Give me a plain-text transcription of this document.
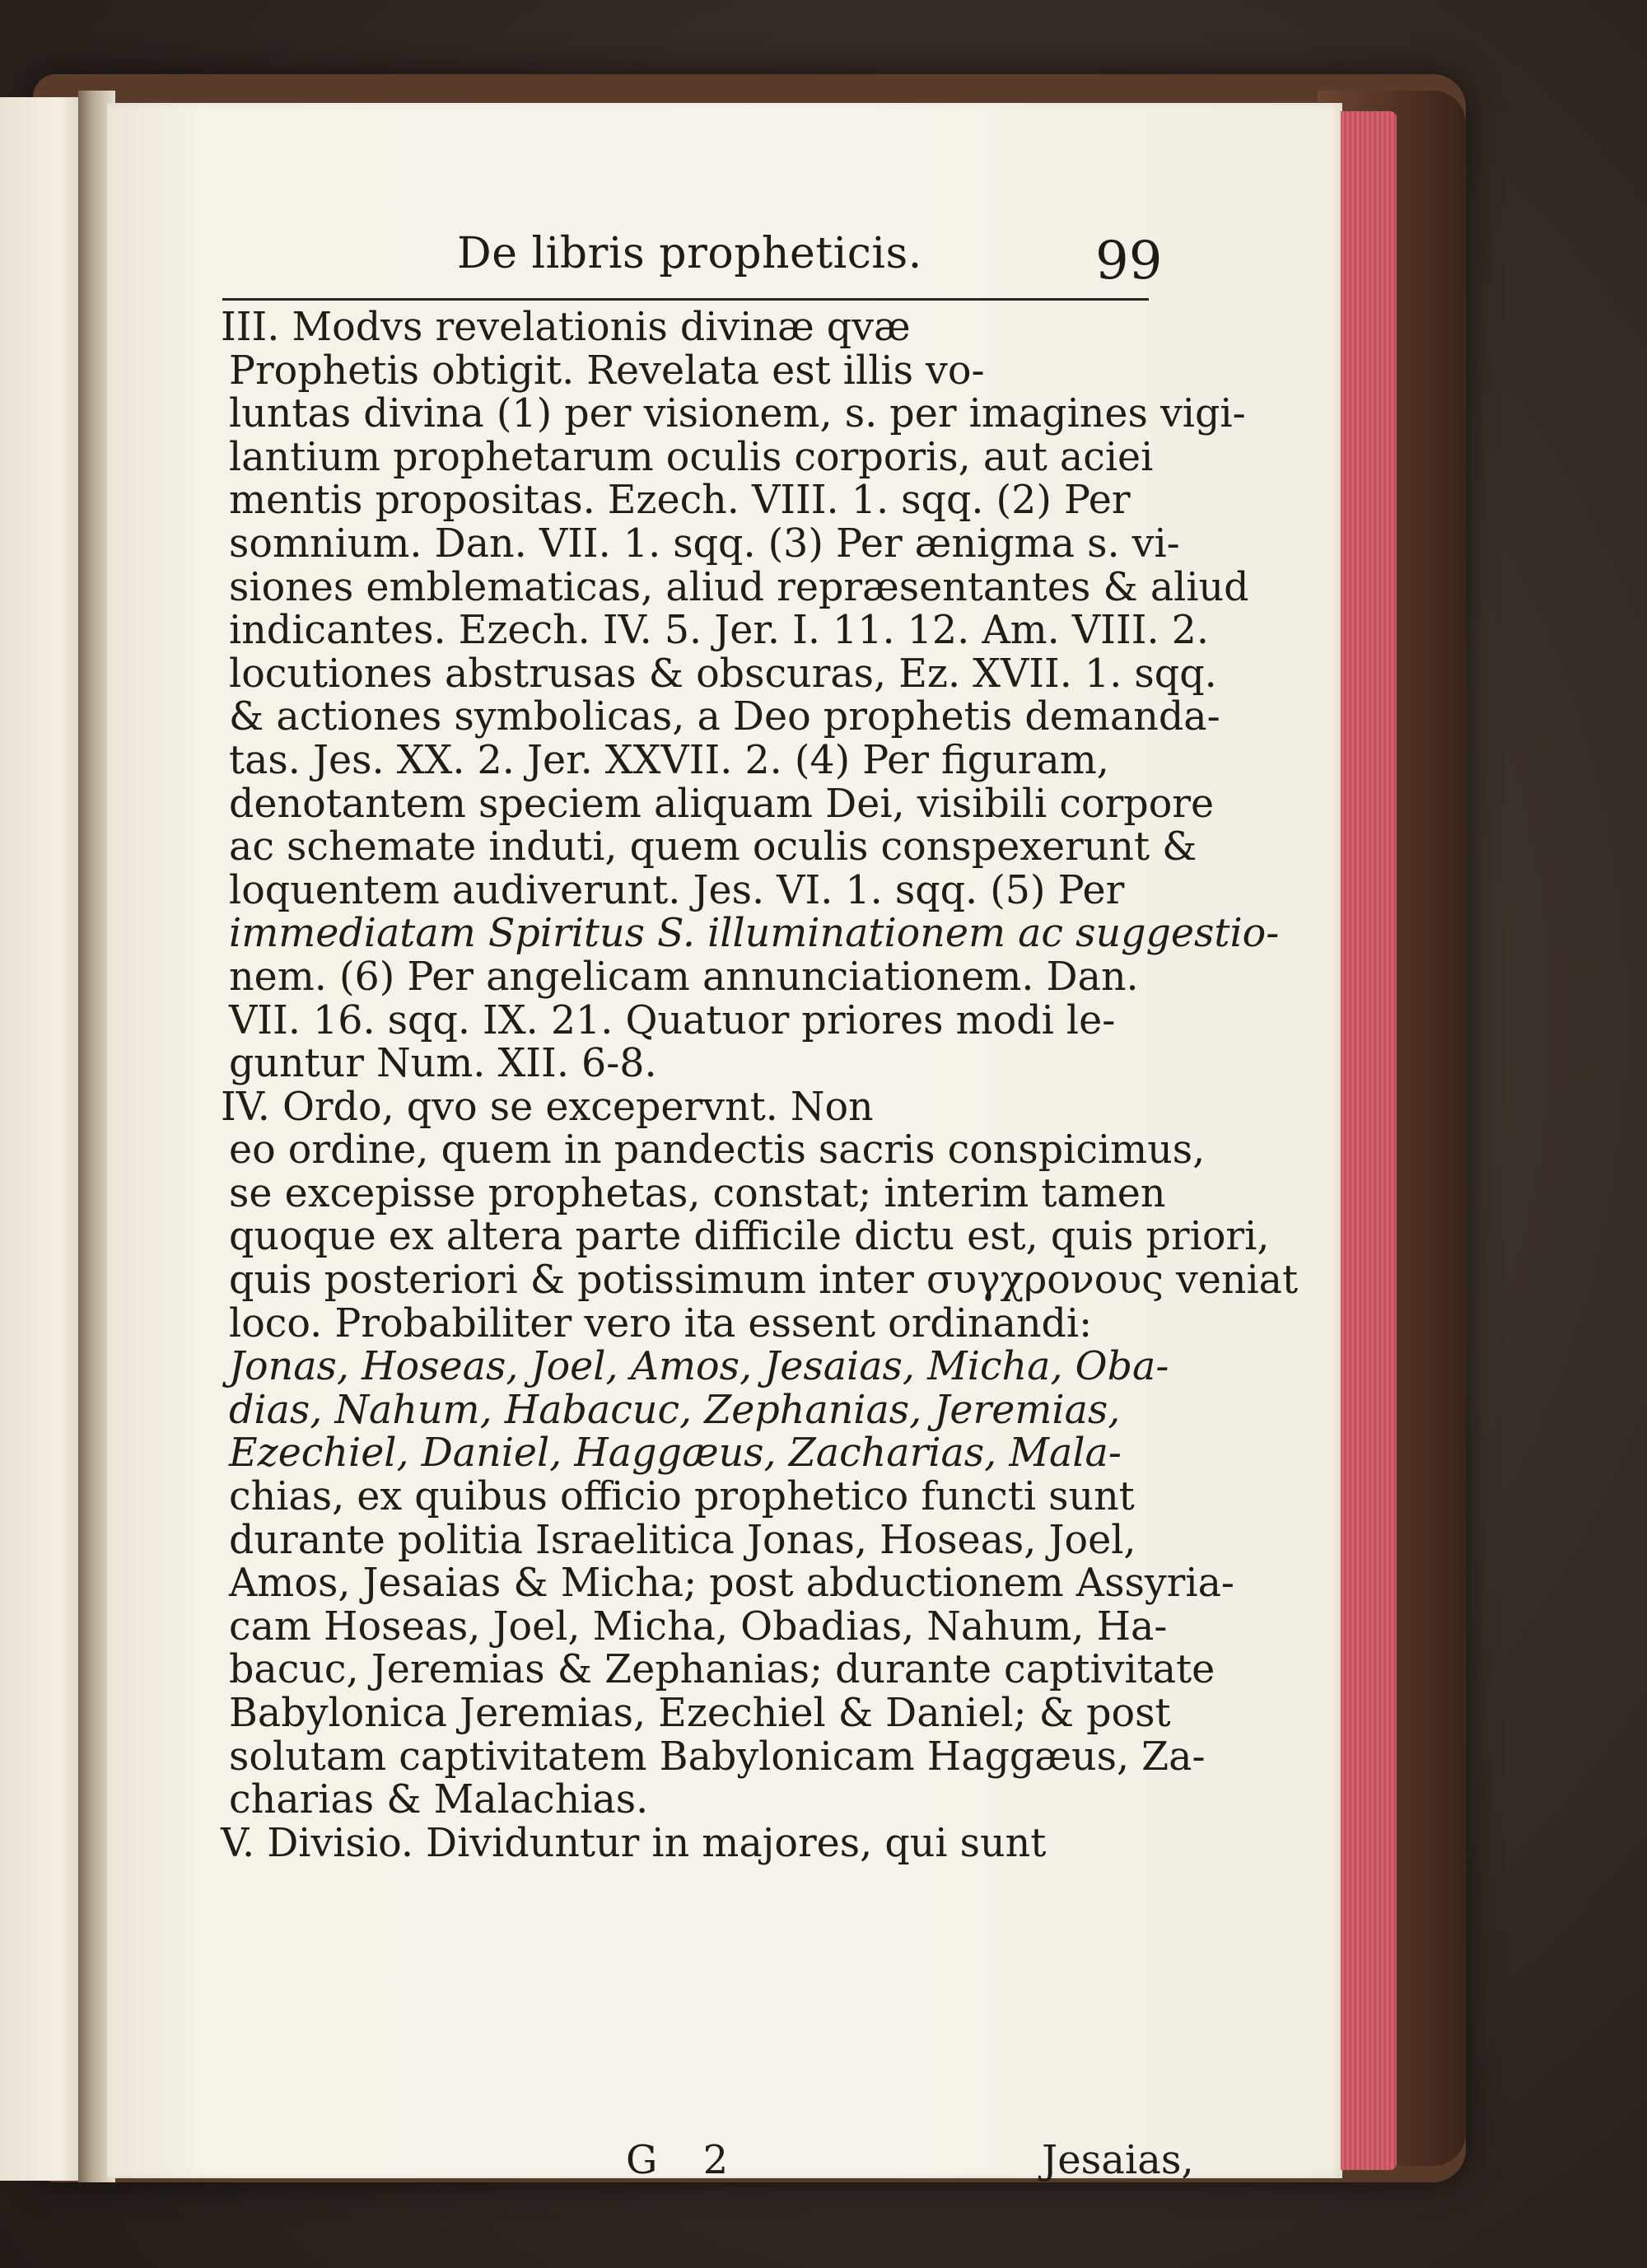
De libris propheticis.	99
III. Modvs revelationis divinæ qvæ
Prophetis obtigit. Revelata est illis vo-
luntas divina (1) per visionem, s. per imagines vigi-
lantium prophetarum oculis corporis, aut aciei
mentis propositas. Ezech. VIII. 1. sqq. (2) Per
somnium. Dan. VII. 1. sqq. (3) Per ænigma s. vi-
siones emblematicas, aliud repræsentantes & aliud
indicantes. Ezech. IV. 5. Jer. I. 11. 12. Am. VIII. 2.
locutiones abstrusas & obscuras, Ez. XVII. 1. sqq.
& actiones symbolicas, a Deo prophetis demanda-
tas. Jes. XX. 2. Jer. XXVII. 2. (4) Per figuram,
denotantem speciem aliquam Dei, visibili corpore
ac schemate induti, quem oculis conspexerunt &
loquentem audiverunt. Jes. VI. 1. sqq. (5) Per
immediatam Spiritus S. illuminationem ac suggestio-
nem. (6) Per angelicam annunciationem. Dan.
VII. 16. sqq. IX. 21. Quatuor priores modi le-
guntur Num. XII. 6-8.
IV. Ordo, qvo se excepervnt. Non
eo ordine, quem in pandectis sacris conspicimus,
se excepisse prophetas, constat; interim tamen
quoque ex altera parte difficile dictu est, quis priori,
quis posteriori & potissimum inter συγχρονους veniat
loco. Probabiliter vero ita essent ordinandi:
Jonas, Hoseas, Joel, Amos, Jesaias, Micha, Oba-
dias, Nahum, Habacuc, Zephanias, Jeremias,
Ezechiel, Daniel, Haggæus, Zacharias, Mala-
chias, ex quibus officio prophetico functi sunt
durante politia Israelitica Jonas, Hoseas, Joel,
Amos, Jesaias & Micha; post abductionem Assyria-
cam Hoseas, Joel, Micha, Obadias, Nahum, Ha-
bacuc, Jeremias & Zephanias; durante captivitate
Babylonica Jeremias, Ezechiel & Daniel; & post
solutam captivitatem Babylonicam Haggæus, Za-
charias & Malachias.
V. Divisio. Dividuntur in majores, qui sunt
G 2	Jesaias,
